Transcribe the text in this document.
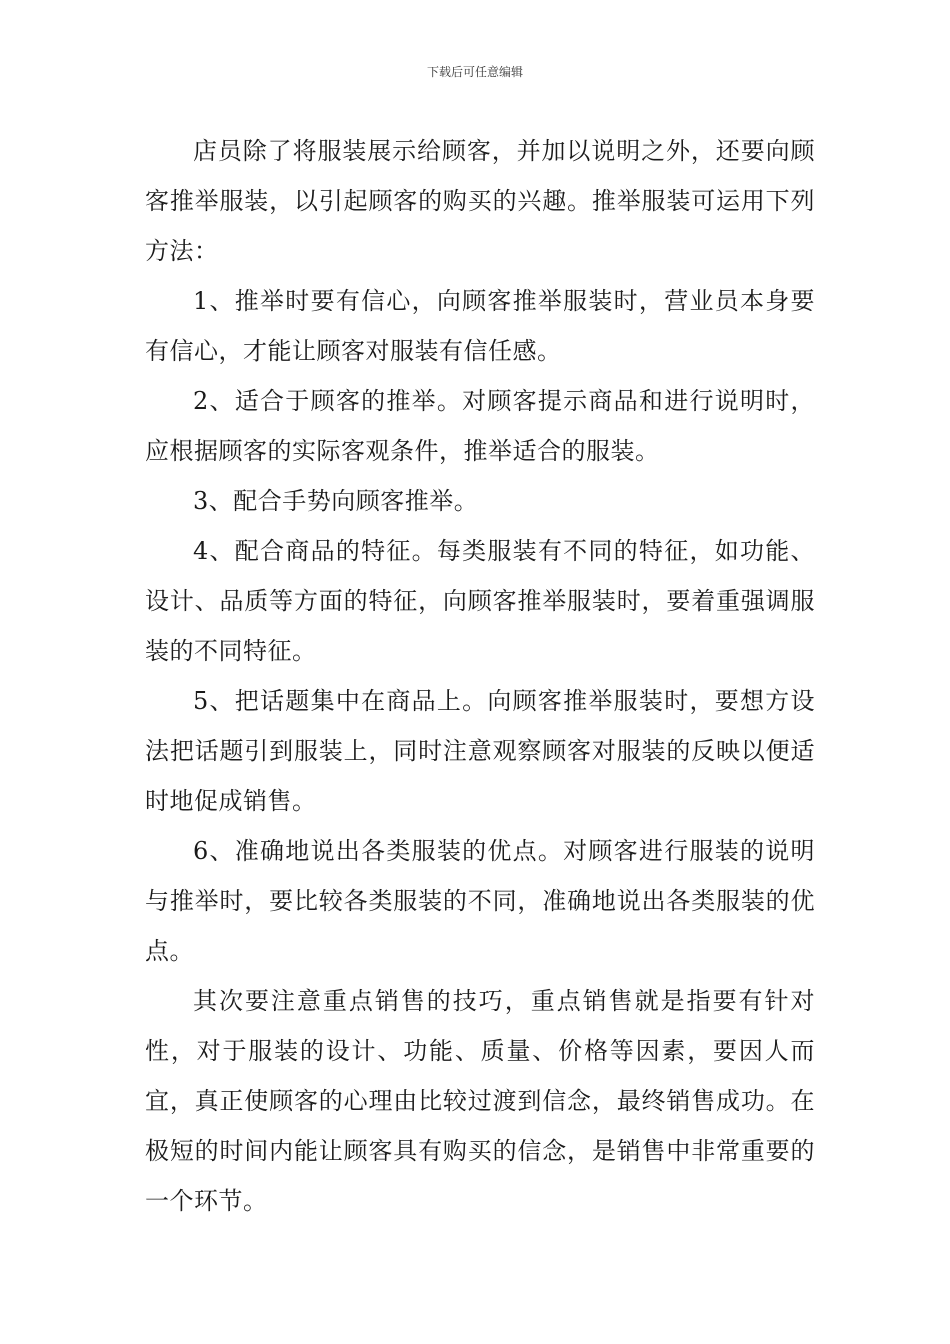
下载后可任意编辑

店员除了将服装展示给顾客，并加以说明之外，还要向顾客推举服装，以引起顾客的购买的兴趣。推举服装可运用下列方法：

1、推举时要有信心，向顾客推举服装时，营业员本身要有信心，才能让顾客对服装有信任感。

2、适合于顾客的推举。对顾客提示商品和进行说明时，应根据顾客的实际客观条件，推举适合的服装。

3、配合手势向顾客推举。

4、配合商品的特征。每类服装有不同的特征，如功能、设计、品质等方面的特征，向顾客推举服装时，要着重强调服装的不同特征。

5、把话题集中在商品上。向顾客推举服装时，要想方设法把话题引到服装上，同时注意观察顾客对服装的反映以便适时地促成销售。

6、准确地说出各类服装的优点。对顾客进行服装的说明与推举时，要比较各类服装的不同，准确地说出各类服装的优点。

其次要注意重点销售的技巧，重点销售就是指要有针对性，对于服装的设计、功能、质量、价格等因素，要因人而宜，真正使顾客的心理由比较过渡到信念，最终销售成功。在极短的时间内能让顾客具有购买的信念，是销售中非常重要的一个环节。
